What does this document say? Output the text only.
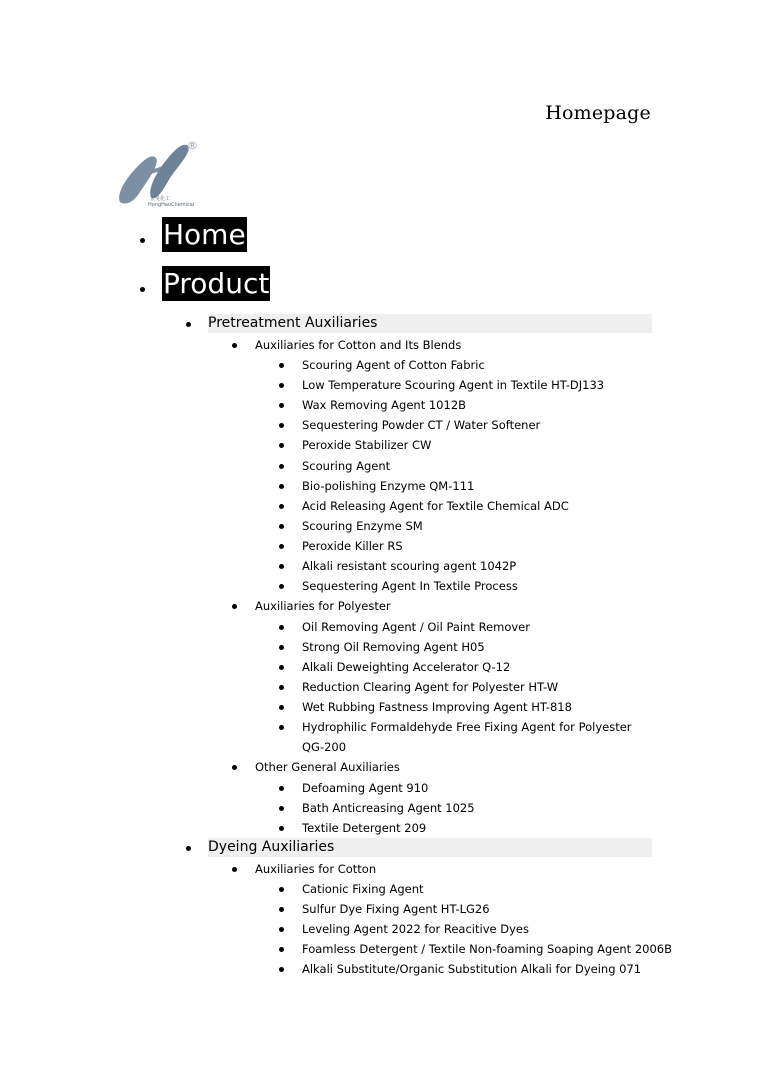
Homepage
®
宏昊化工
HongHaoChemical
Home
Product
Pretreatment Auxiliaries
Auxiliaries for Cotton and Its Blends
Scouring Agent of Cotton Fabric
Low Temperature Scouring Agent in Textile HT-DJ133
Wax Removing Agent 1012B
Sequestering Powder CT / Water Softener
Peroxide Stabilizer CW
Scouring Agent
Bio-polishing Enzyme QM-111
Acid Releasing Agent for Textile Chemical ADC
Scouring Enzyme SM
Peroxide Killer RS
Alkali resistant scouring agent 1042P
Sequestering Agent In Textile Process
Auxiliaries for Polyester
Oil Removing Agent / Oil Paint Remover
Strong Oil Removing Agent H05
Alkali Deweighting Accelerator Q-12
Reduction Clearing Agent for Polyester HT-W
Wet Rubbing Fastness Improving Agent HT-818
Hydrophilic Formaldehyde Free Fixing Agent for Polyester
QG-200
Other General Auxiliaries
Defoaming Agent 910
Bath Anticreasing Agent 1025
Textile Detergent 209
Dyeing Auxiliaries
Auxiliaries for Cotton
Cationic Fixing Agent
Sulfur Dye Fixing Agent HT-LG26
Leveling Agent 2022 for Reacitive Dyes
Foamless Detergent / Textile Non-foaming Soaping Agent 2006B
Alkali Substitute/Organic Substitution Alkali for Dyeing 071
